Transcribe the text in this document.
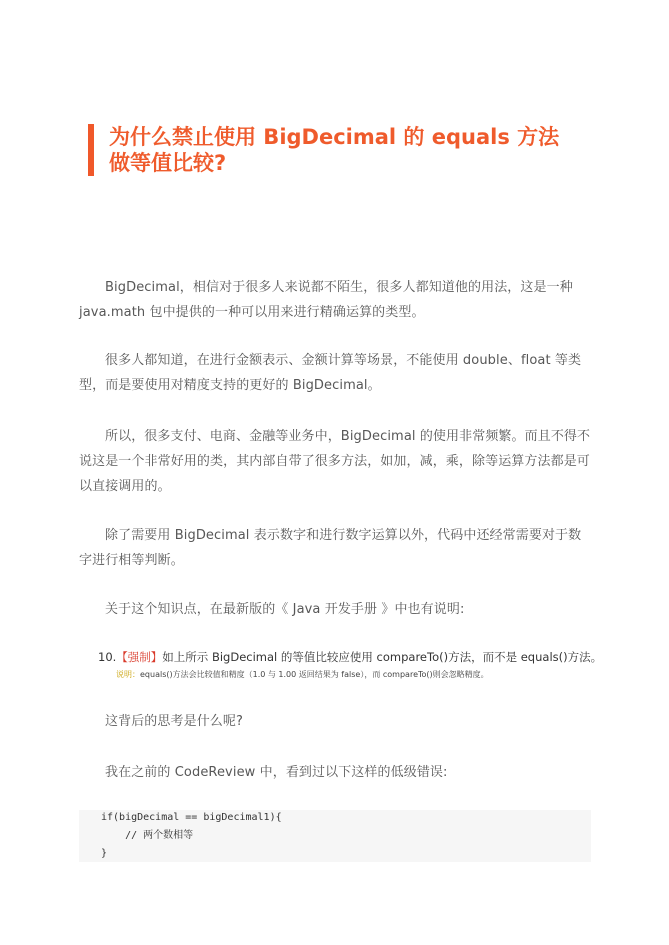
为什么禁止使用 BigDecimal 的 equals 方法
做等值比较?
BigDecimal，相信对于很多人来说都不陌生，很多人都知道他的用法，这是一种 java.math 包中提供的一种可以用来进行精确运算的类型。
很多人都知道，在进行金额表示、金额计算等场景，不能使用 double、float 等类型，而是要使用对精度支持的更好的 BigDecimal。
所以，很多支付、电商、金融等业务中，BigDecimal 的使用非常频繁。而且不得不说这是一个非常好用的类，其内部自带了很多方法，如加，减，乘，除等运算方法都是可以直接调用的。
除了需要用 BigDecimal 表示数字和进行数字运算以外，代码中还经常需要对于数字进行相等判断。
关于这个知识点，在最新版的《 Java 开发手册 》中也有说明:
10.【强制】如上所示 BigDecimal 的等值比较应使用 compareTo()方法，而不是 equals()方法。
说明：equals()方法会比较值和精度（1.0 与 1.00 返回结果为 false），而 compareTo()则会忽略精度。
这背后的思考是什么呢?
我在之前的 CodeReview 中，看到过以下这样的低级错误:
if(bigDecimal == bigDecimal1){
// 两个数相等
}
